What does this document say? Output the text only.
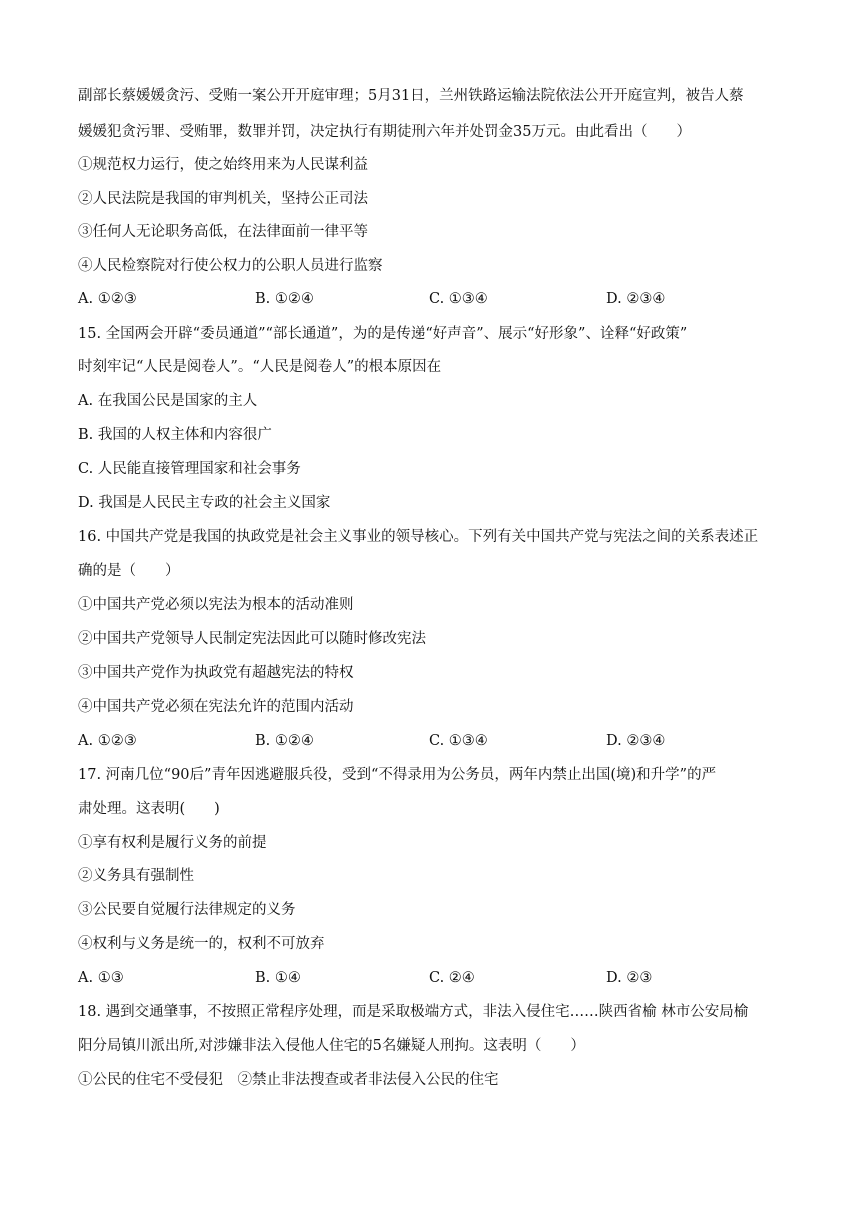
副部长蔡媛媛贪污、受贿一案公开开庭审理；5月31日，兰州铁路运输法院依法公开开庭宣判，被告人蔡
媛媛犯贪污罪、受贿罪，数罪并罚，决定执行有期徒刑六年并处罚金35万元。由此看出（　　）
①规范权力运行，使之始终用来为人民谋利益
②人民法院是我国的审判机关，坚持公正司法
③任何人无论职务高低，在法律面前一律平等
④人民检察院对行使公权力的公职人员进行监察
A. ①②③	B. ①②④	C. ①③④	D. ②③④
15. 全国两会开辟“委员通道”“部长通道”，为的是传递“好声音”、展示“好形象”、诠释“好政策”
时刻牢记“人民是阅卷人”。“人民是阅卷人”的根本原因在
A. 在我国公民是国家的主人
B. 我国的人权主体和内容很广
C. 人民能直接管理国家和社会事务
D. 我国是人民民主专政的社会主义国家
16. 中国共产党是我国的执政党是社会主义事业的领导核心。下列有关中国共产党与宪法之间的关系表述正
确的是（　　）
①中国共产党必须以宪法为根本的活动准则
②中国共产党领导人民制定宪法因此可以随时修改宪法
③中国共产党作为执政党有超越宪法的特权
④中国共产党必须在宪法允许的范围内活动
A. ①②③	B. ①②④	C. ①③④	D. ②③④
17. 河南几位“90后”青年因逃避服兵役，受到“不得录用为公务员，两年内禁止出国(境)和升学”的严
肃处理。这表明(　　)
①享有权利是履行义务的前提
②义务具有强制性
③公民要自觉履行法律规定的义务
④权利与义务是统一的，权利不可放弃
A. ①③	B. ①④	C. ②④	D. ②③
18. 遇到交通肇事，不按照正常程序处理，而是采取极端方式，非法入侵住宅……陕西省榆 林市公安局榆
阳分局镇川派出所,对涉嫌非法入侵他人住宅的5名嫌疑人刑拘。这表明（　　）
①公民的住宅不受侵犯　②禁止非法搜查或者非法侵入公民的住宅
